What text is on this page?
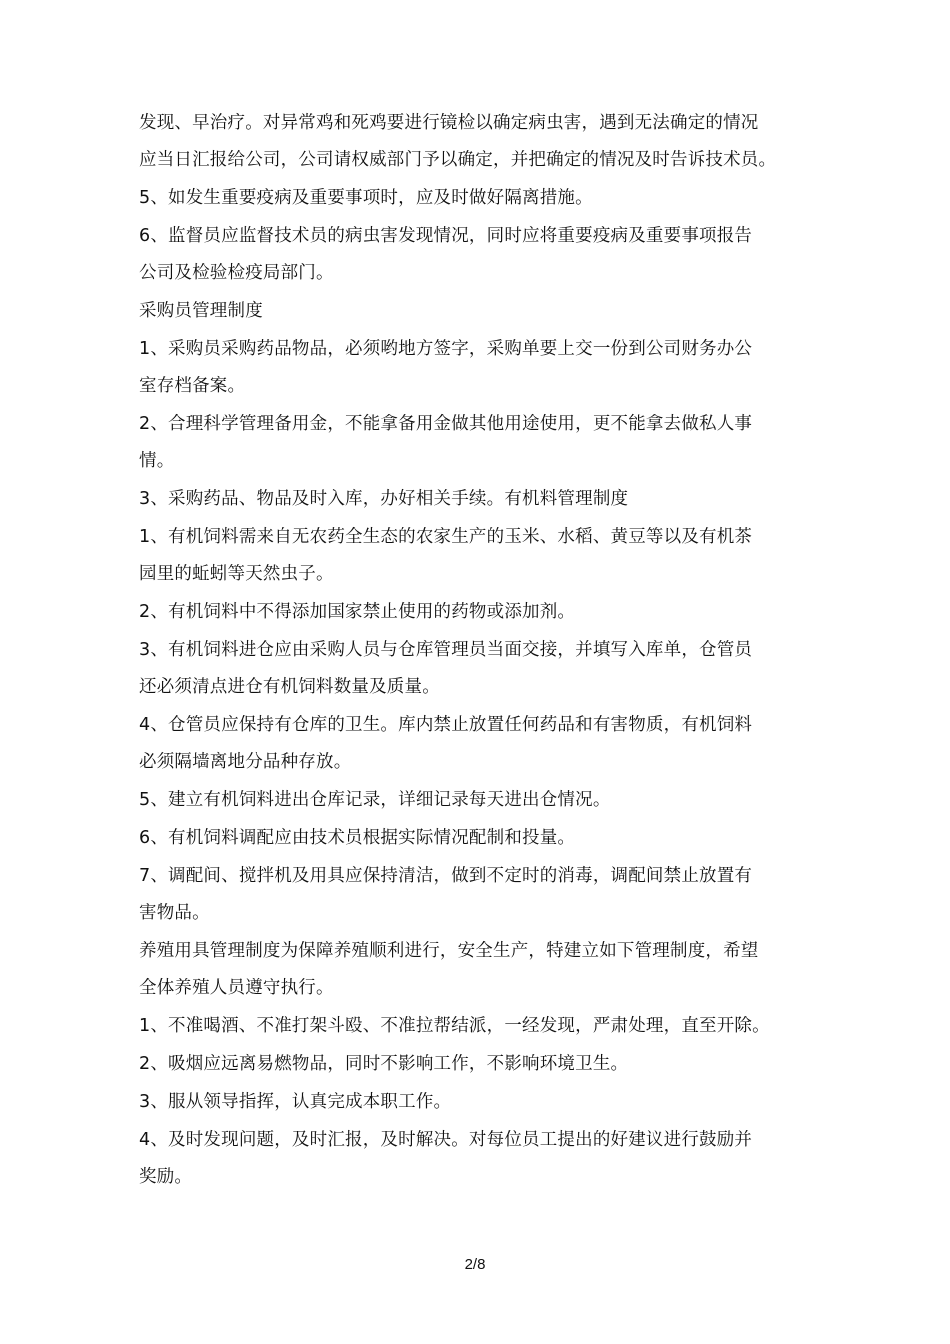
发现、早治疗。对异常鸡和死鸡要进行镜检以确定病虫害，遇到无法确定的情况
应当日汇报给公司，公司请权威部门予以确定，并把确定的情况及时告诉技术员。
5、如发生重要疫病及重要事项时，应及时做好隔离措施。
6、监督员应监督技术员的病虫害发现情况，同时应将重要疫病及重要事项报告
公司及检验检疫局部门。
采购员管理制度
1、采购员采购药品物品，必须哟地方签字，采购单要上交一份到公司财务办公
室存档备案。
2、合理科学管理备用金，不能拿备用金做其他用途使用，更不能拿去做私人事
情。
3、采购药品、物品及时入库，办好相关手续。有机料管理制度
1、有机饲料需来自无农药全生态的农家生产的玉米、水稻、黄豆等以及有机茶
园里的蚯蚓等天然虫子。
2、有机饲料中不得添加国家禁止使用的药物或添加剂。
3、有机饲料进仓应由采购人员与仓库管理员当面交接，并填写入库单，仓管员
还必须清点进仓有机饲料数量及质量。
4、仓管员应保持有仓库的卫生。库内禁止放置任何药品和有害物质，有机饲料
必须隔墙离地分品种存放。
5、建立有机饲料进出仓库记录，详细记录每天进出仓情况。
6、有机饲料调配应由技术员根据实际情况配制和投量。
7、调配间、搅拌机及用具应保持清洁，做到不定时的消毒，调配间禁止放置有
害物品。
养殖用具管理制度为保障养殖顺利进行，安全生产，特建立如下管理制度，希望
全体养殖人员遵守执行。
1、不准喝酒、不准打架斗殴、不准拉帮结派，一经发现，严肃处理，直至开除。
2、吸烟应远离易燃物品，同时不影响工作，不影响环境卫生。
3、服从领导指挥，认真完成本职工作。
4、及时发现问题，及时汇报，及时解决。对每位员工提出的好建议进行鼓励并
奖励。
2/8
